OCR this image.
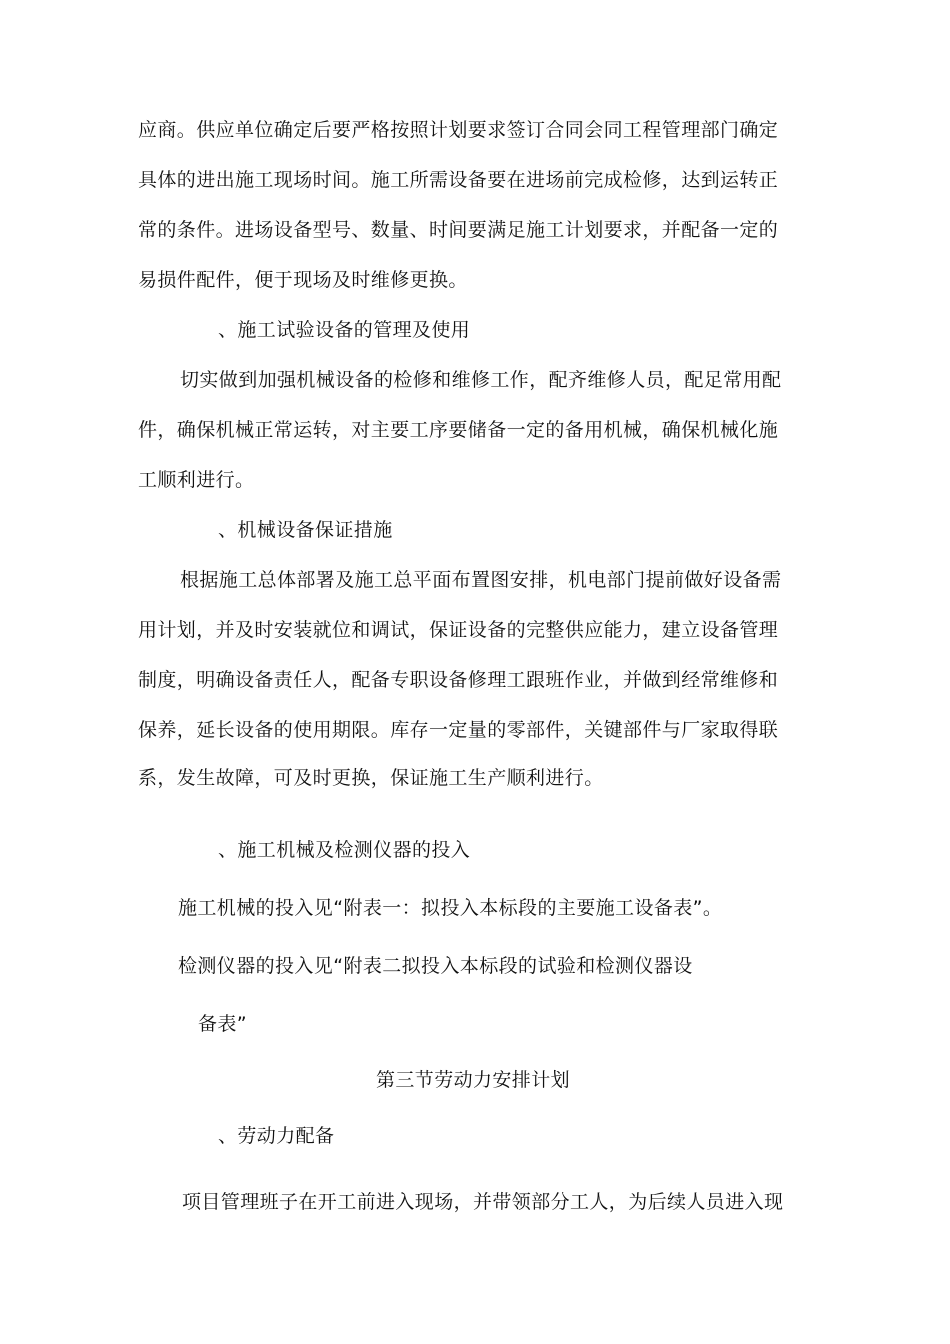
应商。供应单位确定后要严格按照计划要求签订合同会同工程管理部门确定
具体的进出施工现场时间。施工所需设备要在进场前完成检修，达到运转正
常的条件。进场设备型号、数量、时间要满足施工计划要求，并配备一定的
易损件配件，便于现场及时维修更换。
、施工试验设备的管理及使用
切实做到加强机械设备的检修和维修工作，配齐维修人员，配足常用配
件，确保机械正常运转，对主要工序要储备一定的备用机械，确保机械化施
工顺利进行。
、机械设备保证措施
根据施工总体部署及施工总平面布置图安排，机电部门提前做好设备需
用计划，并及时安装就位和调试，保证设备的完整供应能力，建立设备管理
制度，明确设备责任人，配备专职设备修理工跟班作业，并做到经常维修和
保养，延长设备的使用期限。库存一定量的零部件，关键部件与厂家取得联
系，发生故障，可及时更换，保证施工生产顺利进行。
、施工机械及检测仪器的投入
施工机械的投入见“附表一：拟投入本标段的主要施工设备表”。
检测仪器的投入见“附表二拟投入本标段的试验和检测仪器设
备表”
第三节劳动力安排计划
、劳动力配备
项目管理班子在开工前进入现场，并带领部分工人，为后续人员进入现
